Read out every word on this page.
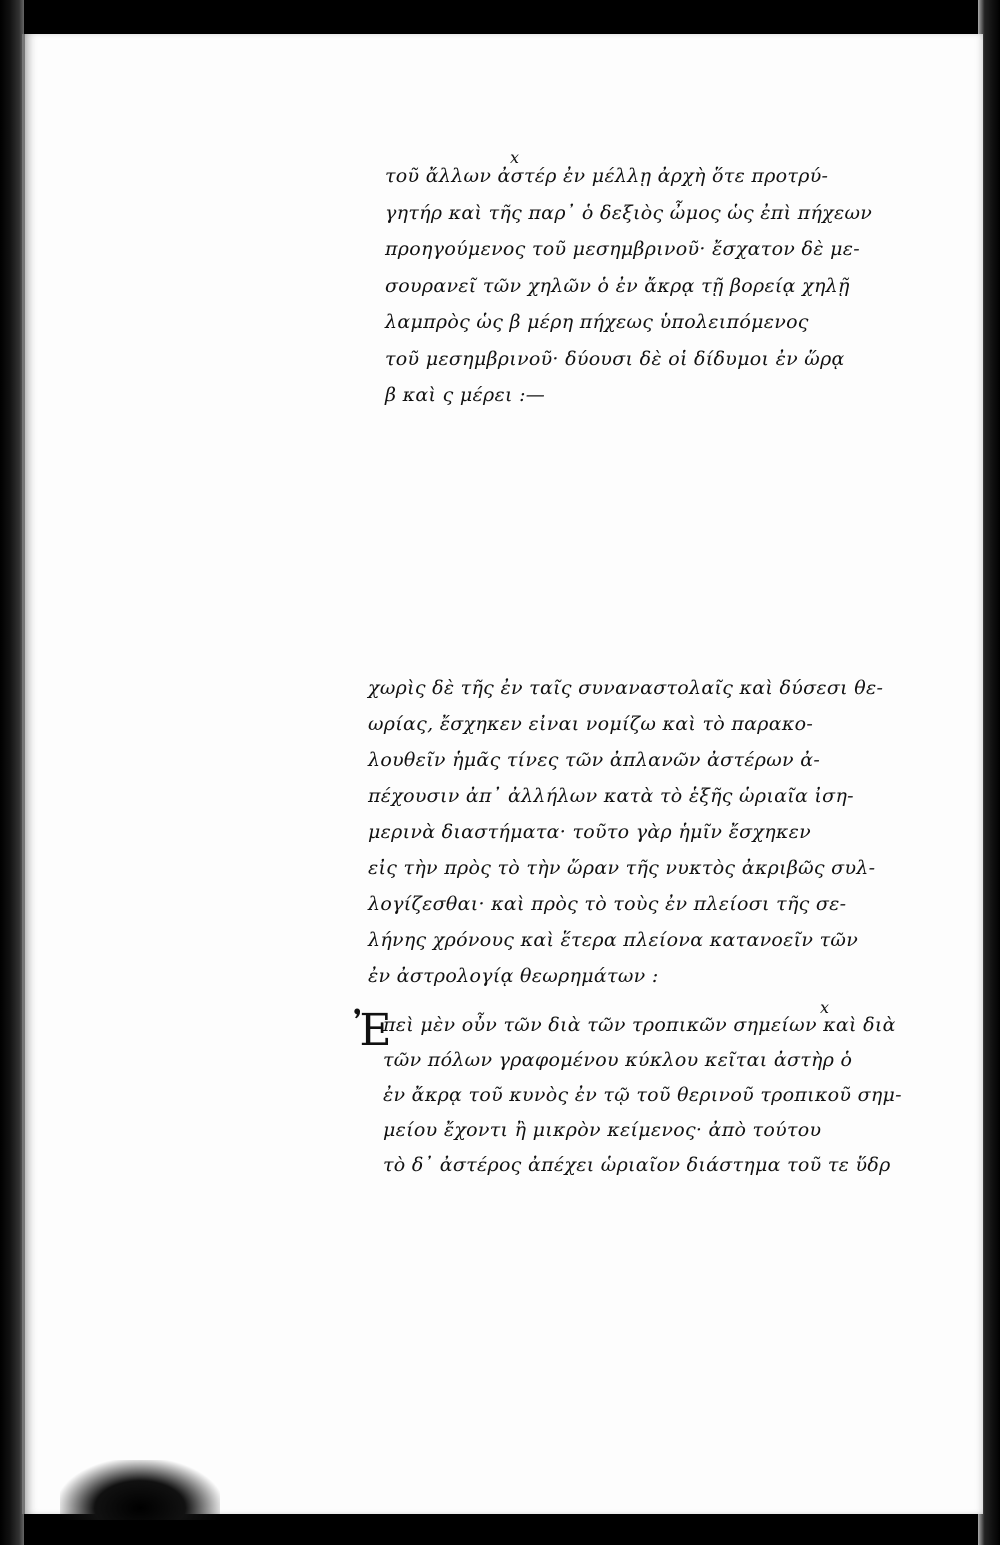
x
x
τοῦ ἄλλων ἀστέρ ἐν μέλλῃ ἀρχὴ ὅτε προτρύ-
γητήρ καὶ τῆς παρ᾽ ὁ δεξιὸς ὦμος ὡς ἐπὶ πήχεων
προηγούμενος τοῦ μεσημβρινοῦ· ἔσχατον δὲ με-
σουρανεῖ τῶν χηλῶν ὁ ἐν ἄκρᾳ τῇ βορείᾳ χηλῇ
λαμπρὸς ὡς β μέρη πήχεως ὑπολειπόμενος
τοῦ μεσημβρινοῦ· δύουσι δὲ οἱ δίδυμοι ἐν ὥρᾳ
β καὶ ς μέρει :—
χωρὶς δὲ τῆς ἐν ταῖς συναναστολαῖς καὶ δύσεσι θε-
ωρίας, ἔσχηκεν εἰναι νομίζω καὶ τὸ παρακο-
λουθεῖν ἡμᾶς τίνες τῶν ἀπλανῶν ἀστέρων ἀ-
πέχουσιν ἀπ᾽ ἀλλήλων κατὰ τὸ ἑξῆς ὡριαῖα ἰση-
μερινὰ διαστήματα· τοῦτο γὰρ ἡμῖν ἔσχηκεν
εἰς τὴν πρὸς τὸ τὴν ὥραν τῆς νυκτὸς ἀκριβῶς συλ-
λογίζεσθαι· καὶ πρὸς τὸ τοὺς ἐν πλείοσι τῆς σε-
λήνης χρόνους καὶ ἕτερα πλείονα κατανοεῖν τῶν
ἐν ἀστρολογίᾳ θεωρημάτων :
Ἐ
πεὶ μὲν οὖν τῶν διὰ τῶν τροπικῶν σημείων καὶ διὰ
τῶν πόλων γραφομένου κύκλου κεῖται ἀστὴρ ὁ
ἐν ἄκρᾳ τοῦ κυνὸς ἐν τῷ τοῦ θερινοῦ τροπικοῦ σημ-
μείου ἔχοντι ἢ μικρὸν κείμενος· ἀπὸ τούτου
τὸ δ᾽ ἀστέρος ἀπέχει ὡριαῖον διάστημα τοῦ τε ὕδρ
